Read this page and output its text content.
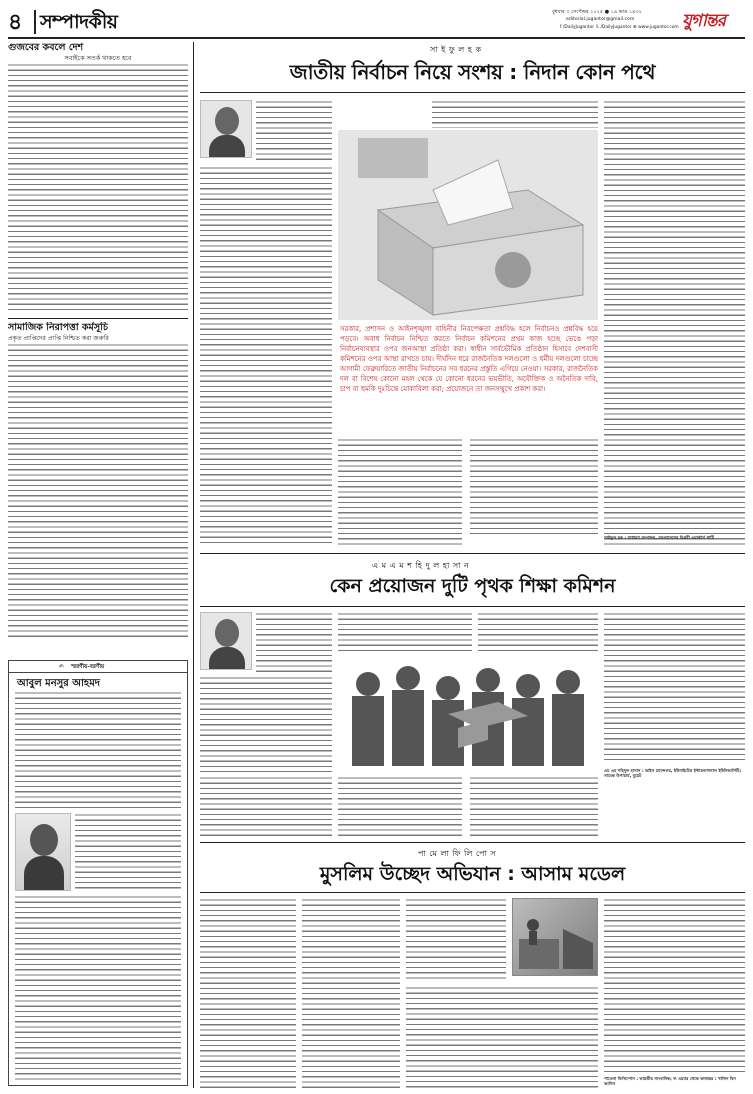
৪ সম্পাদকীয়	বুধবার ৩ সেপ্টেম্বর ২০২৫ ● ১৯ ভাদ্র ১৪৩২
editorial.jugantor@gmail.com
f /DailyJugantor 𝕏 /DailyJugantor ⊕ www.jugantor.com যুগান্তর
গুজবের কবলে দেশ
সবাইকে সতর্ক থাকতে হবে
সামাজিক নিরাপত্তা কর্মসূচি
প্রকৃত প্রাপ্তিদের প্রাপ্তি নিশ্চিত করা জরুরি
✍ স্মরণীয়-বরণীয়
আবুল মনসুর আহমদ
সা ই ফু ল হ ক
জাতীয় নির্বাচন নিয়ে সংশয় : নিদান কোন পথে
সরকার, প্রশাসন ও আইনশৃঙ্খলা বাহিনীর নিরপেক্ষতা প্রশ্নবিদ্ধ হলে নির্বাচনও প্রশ্নবিদ্ধ হয়ে পড়বে। অবাধ নির্বাচন নিশ্চিত করতে নির্বাচন কমিশনের প্রথম কাজ হচ্ছে ভেঙে পড়া নির্বাচনব্যবস্থার ওপর জনআস্থা প্রতিষ্ঠা করা। স্বাধীন সার্বভৌমিক প্রতিষ্ঠান হিসাবে দেশবাসী কমিশনের ওপর আস্থা রাখতে চায়। দীর্ঘদিন ধরে রাজনৈতিক দলগুলো ও ধর্মীয় দলগুলো চাচ্ছে আগামী ফেব্রুয়ারিতে জাতীয় নির্বাচনের সব ধরনের প্রস্তুতি এগিয়ে নেওয়া। সরকার, রাজনৈতিক দল বা বিশেষ কোনো মহল থেকে যে কোনো ধরনের ভয়ভীতি, অযৌক্তিক ও অনৈতিক দাবি, চাপ বা হুমকি দুঃচিন্তে মোকাবিলা করা; প্রয়োজনে তা জনসম্মুখে প্রকাশ করা।
সাইফুল হক : সাধারণ সম্পাদক, বাংলাদেশের বিপ্লবী ওয়ার্কার্স পার্টি
এ ম এ ম শ হি দু ল হা সা ন
কেন প্রয়োজন দুটি পৃথক শিক্ষা কমিশন
এম এম শহিদুল হাসান : ভাইস চ্যান্সেলর, ইউনাইটেড ইন্টারন্যাশনাল ইউনিভার্সিটি; সাবেক উপাচার্য, বুয়েট
পা মে লা ফি লি পো স
মুসলিম উচ্ছেদ অভিযান : আসাম মডেল
পামেলা ফিলিপোস : ভারতীয় সাংবাদিক; দ্য ওয়্যার থেকে ভাষান্তর : খালিদ বিন আনিস
